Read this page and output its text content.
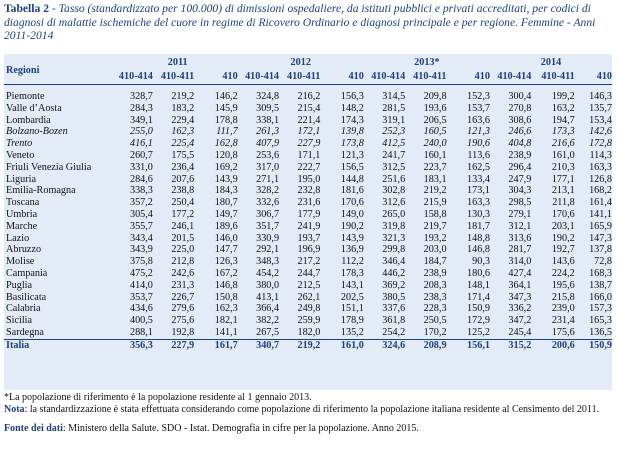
Tabella 2 - Tasso (standardizzato per 100.000) di dimissioni ospedaliere, da istituti pubblici e privati accreditati, per codici di diagnosi di malattie ischemiche del cuore in regime di Ricovero Ordinario e diagnosi principale e per regione. Femmine - Anni 2011-2014
Regioni	2011			2012			2013*			2014		
	410-414	410-411	410	410-414	410-411	410	410-414	410-411	410	410-414	410-411	410
Piemonte	328,7	219,2	146,2	324,8	216,2	156,3	314,5	209,8	152,3	300,4	199,2	146,3
Valle d’Aosta	284,3	183,2	145,9	309,5	215,4	148,2	281,5	193,6	153,7	270,8	163,2	135,7
Lombardia	349,1	229,4	178,8	338,1	221,4	174,3	319,1	206,5	163,6	308,6	194,7	153,4
Bolzano-Bozen	255,0	162,3	111,7	261,3	172,1	139,8	252,3	160,5	121,3	246,6	173,3	142,6
Trento	416,1	225,4	162,8	407,9	227,9	173,8	412,5	240,0	190,6	404,8	216,6	172,8
Veneto	260,7	175,5	120,8	253,6	171,1	121,3	241,7	160,1	113,6	238,9	161,0	114,3
Friuli Venezia Giulia	331,0	236,4	169,2	317,0	222,7	156,5	312,5	223,7	162,5	296,4	210,3	163,3
Liguria	284,6	207,6	143,9	271,1	195,0	144,8	251,6	183,1	133,4	247,9	177,1	126,8
Emilia-Romagna	338,3	238,8	184,3	328,2	232,8	181,6	302,8	219,2	173,1	304,3	213,1	168,2
Toscana	357,2	250,4	180,7	332,6	231,6	170,6	312,6	215,9	163,3	298,5	211,8	161,4
Umbria	305,4	177,2	149,7	306,7	177,9	149,0	265,0	158,8	130,3	279,1	170,6	141,1
Marche	355,7	246,1	189,6	351,7	241,9	190,2	319,8	219,7	181,7	312,1	203,1	165,9
Lazio	343,4	201,5	146,0	330,9	193,7	143,9	321,3	193,2	148,8	313,6	190,2	147,3
Abruzzo	343,9	225,0	147,7	292,1	196,9	136,9	299,8	203,0	146,8	281,7	192,7	137,8
Molise	375,8	212,8	126,3	348,3	217,2	112,2	346,4	184,7	90,3	314,0	143,6	72,8
Campania	475,2	242,6	167,2	454,2	244,7	178,3	446,2	238,9	180,6	427,4	224,2	168,3
Puglia	414,0	231,3	146,8	380,0	212,5	143,1	369,2	208,3	148,1	364,1	195,6	138,7
Basilicata	353,7	226,7	150,8	413,1	262,1	202,5	380,5	238,3	171,4	347,3	215,8	166,0
Calabria	434,6	279,6	162,3	366,4	249,8	151,1	337,6	228,3	150,9	336,2	239,0	157,3
Sicilia	400,5	275,6	182,1	382,2	259,9	178,9	361,8	250,5	172,9	347,2	231,4	165,3
Sardegna	288,1	192,8	141,1	267,5	182,0	135,2	254,2	170,2	125,2	245,4	175,6	136,5
Italia	356,3	227,9	161,7	340,7	219,2	161,0	324,6	208,9	156,1	315,2	200,6	150,9

*La popolazione di riferimento è la popolazione residente al 1 gennaio 2013.

Nota: la standardizzazione è stata effettuata considerando come popolazione di riferimento la popolazione italiana residente al Censimento del 2011.

Fonte dei dati: Ministero della Salute. SDO - Istat. Demografia in cifre per la popolazione. Anno 2015.
